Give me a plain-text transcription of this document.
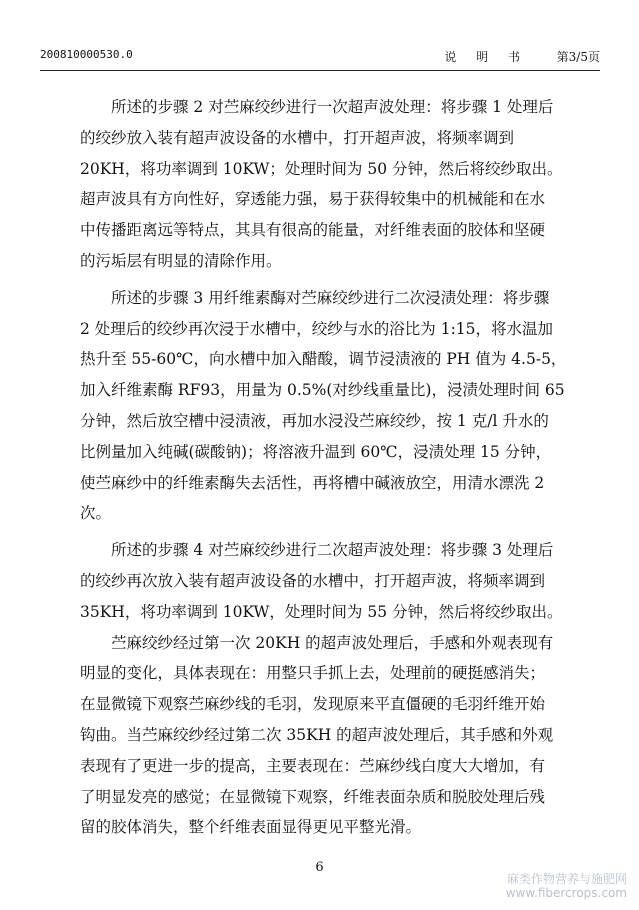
200810000530.0	说 明 书 第3/5页
所述的步骤 2 对苎麻绞纱进行一次超声波处理：将步骤 1 处理后
的绞纱放入装有超声波设备的水槽中，打开超声波，将频率调到
20KH，将功率调到 10KW；处理时间为 50 分钟，然后将绞纱取出。
超声波具有方向性好，穿透能力强，易于获得较集中的机械能和在水
中传播距离远等特点，其具有很高的能量，对纤维表面的胶体和坚硬
的污垢层有明显的清除作用。
所述的步骤 3 用纤维素酶对苎麻绞纱进行二次浸渍处理：将步骤
2 处理后的绞纱再次浸于水槽中，绞纱与水的浴比为 1:15，将水温加
热升至 55-60℃，向水槽中加入醋酸，调节浸渍液的 PH 值为 4.5-5，
加入纤维素酶 RF93，用量为 0.5%(对纱线重量比)，浸渍处理时间 65
分钟，然后放空槽中浸渍液，再加水浸没苎麻绞纱，按 1 克/l 升水的
比例量加入纯碱(碳酸钠)；将溶液升温到 60℃，浸渍处理 15 分钟，
使苎麻纱中的纤维素酶失去活性，再将槽中碱液放空，用清水漂洗 2
次。
所述的步骤 4 对苎麻绞纱进行二次超声波处理：将步骤 3 处理后
的绞纱再次放入装有超声波设备的水槽中，打开超声波，将频率调到
35KH，将功率调到 10KW，处理时间为 55 分钟，然后将绞纱取出。
苎麻绞纱经过第一次 20KH 的超声波处理后，手感和外观表现有
明显的变化，具体表现在：用整只手抓上去，处理前的硬挺感消失；
在显微镜下观察苎麻纱线的毛羽，发现原来平直僵硬的毛羽纤维开始
钩曲。当苎麻绞纱经过第二次 35KH 的超声波处理后，其手感和外观
表现有了更进一步的提高，主要表现在：苎麻纱线白度大大增加，有
了明显发亮的感觉；在显微镜下观察，纤维表面杂质和脱胶处理后残
留的胶体消失，整个纤维表面显得更见平整光滑。
6
麻类作物营养与施肥网
www.fibercrops.com
